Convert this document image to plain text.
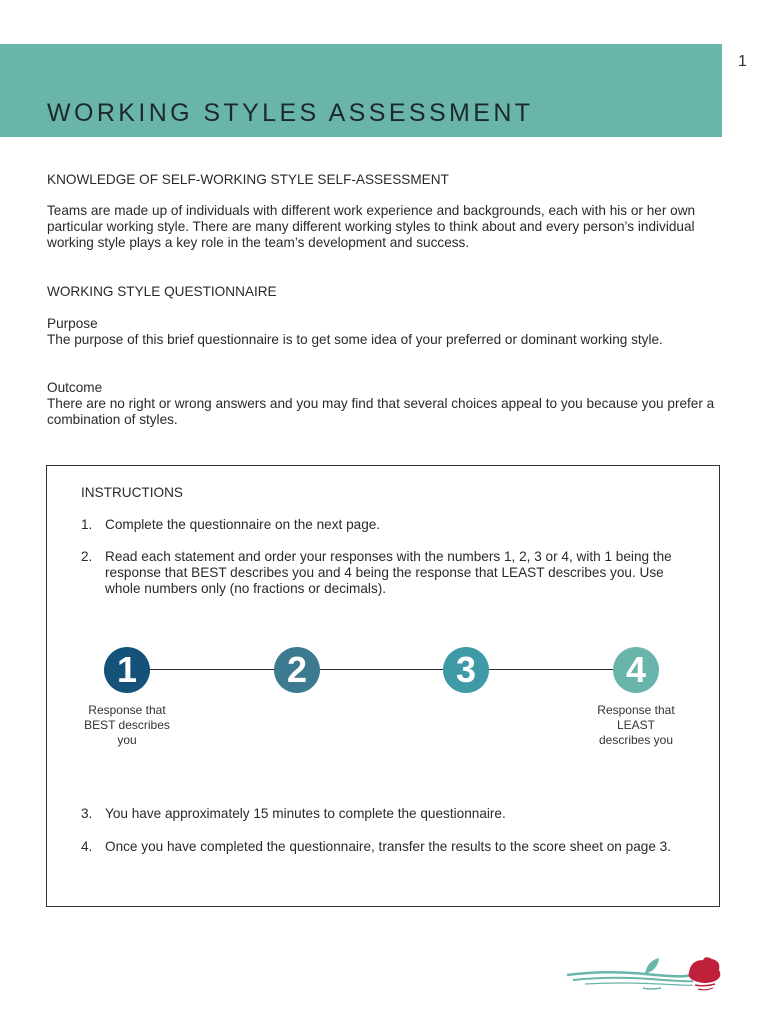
WORKING STYLES ASSESSMENT
1

KNOWLEDGE OF SELF-WORKING STYLE SELF-ASSESSMENT

Teams are made up of individuals with different work experience and backgrounds, each with his or her own particular working style. There are many different working styles to think about and every person’s individual working style plays a key role in the team’s development and success.

WORKING STYLE QUESTIONNAIRE

Purpose

The purpose of this brief questionnaire is to get some idea of your preferred or dominant working style.

Outcome

There are no right or wrong answers and you may find that several choices appeal to you because you prefer a combination of styles.

INSTRUCTIONS
1. Complete the questionnaire on the next page.
2. Read each statement and order your responses with the numbers 1, 2, 3 or 4, with 1 being the response that BEST describes you and 4 being the response that LEAST describes you. Use whole numbers only (no fractions or decimals).
1	2	3	4
Response that BEST describes you
Response that LEAST describes you
3. You have approximately 15 minutes to complete the questionnaire.
4. Once you have completed the questionnaire, transfer the results to the score sheet on page 3.
